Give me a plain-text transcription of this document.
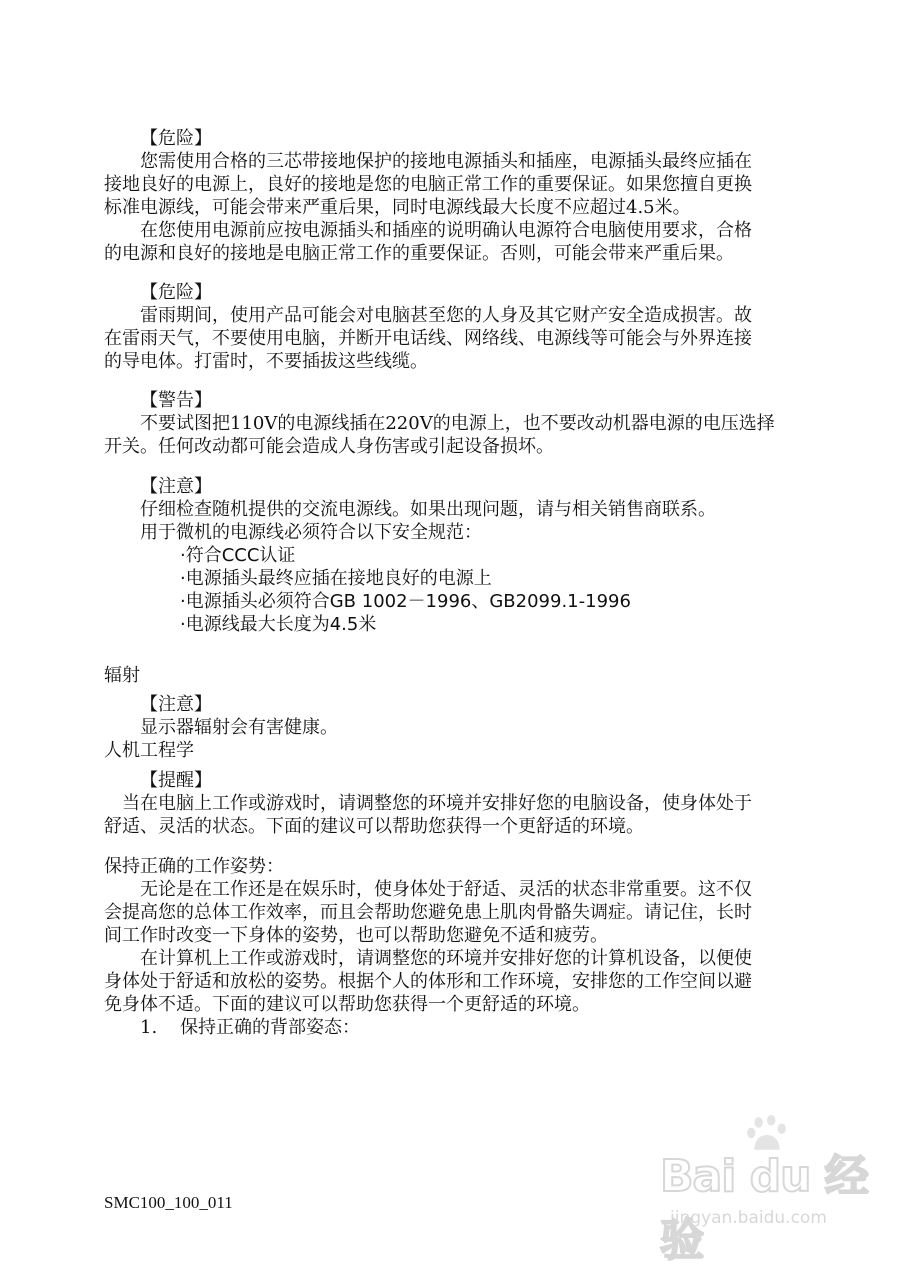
【危险】
您需使用合格的三芯带接地保护的接地电源插头和插座，电源插头最终应插在
接地良好的电源上，良好的接地是您的电脑正常工作的重要保证。如果您擅自更换
标准电源线，可能会带来严重后果，同时电源线最大长度不应超过4.5米。
在您使用电源前应按电源插头和插座的说明确认电源符合电脑使用要求，合格
的电源和良好的接地是电脑正常工作的重要保证。否则，可能会带来严重后果。
【危险】
雷雨期间，使用产品可能会对电脑甚至您的人身及其它财产安全造成损害。故
在雷雨天气，不要使用电脑，并断开电话线、网络线、电源线等可能会与外界连接
的导电体。打雷时，不要插拔这些线缆。
【警告】
不要试图把110V的电源线插在220V的电源上，也不要改动机器电源的电压选择
开关。任何改动都可能会造成人身伤害或引起设备损坏。
【注意】
仔细检查随机提供的交流电源线。如果出现问题，请与相关销售商联系。
用于微机的电源线必须符合以下安全规范：
·符合CCC认证
·电源插头最终应插在接地良好的电源上
·电源插头必须符合GB 1002－1996、GB2099.1-1996
·电源线最大长度为4.5米
辐射
【注意】
显示器辐射会有害健康。
人机工程学
【提醒】
当在电脑上工作或游戏时，请调整您的环境并安排好您的电脑设备，使身体处于
舒适、灵活的状态。下面的建议可以帮助您获得一个更舒适的环境。
保持正确的工作姿势：
无论是在工作还是在娱乐时，使身体处于舒适、灵活的状态非常重要。这不仅
会提高您的总体工作效率，而且会帮助您避免患上肌肉骨骼失调症。请记住，长时
间工作时改变一下身体的姿势，也可以帮助您避免不适和疲劳。
在计算机上工作或游戏时，请调整您的环境并安排好您的计算机设备，以便使
身体处于舒适和放松的姿势。根据个人的体形和工作环境，安排您的工作空间以避
免身体不适。下面的建议可以帮助您获得一个更舒适的环境。
1. 保持正确的背部姿态：
SMC100_100_011
Bai du 经验
jingyan.baidu.com
